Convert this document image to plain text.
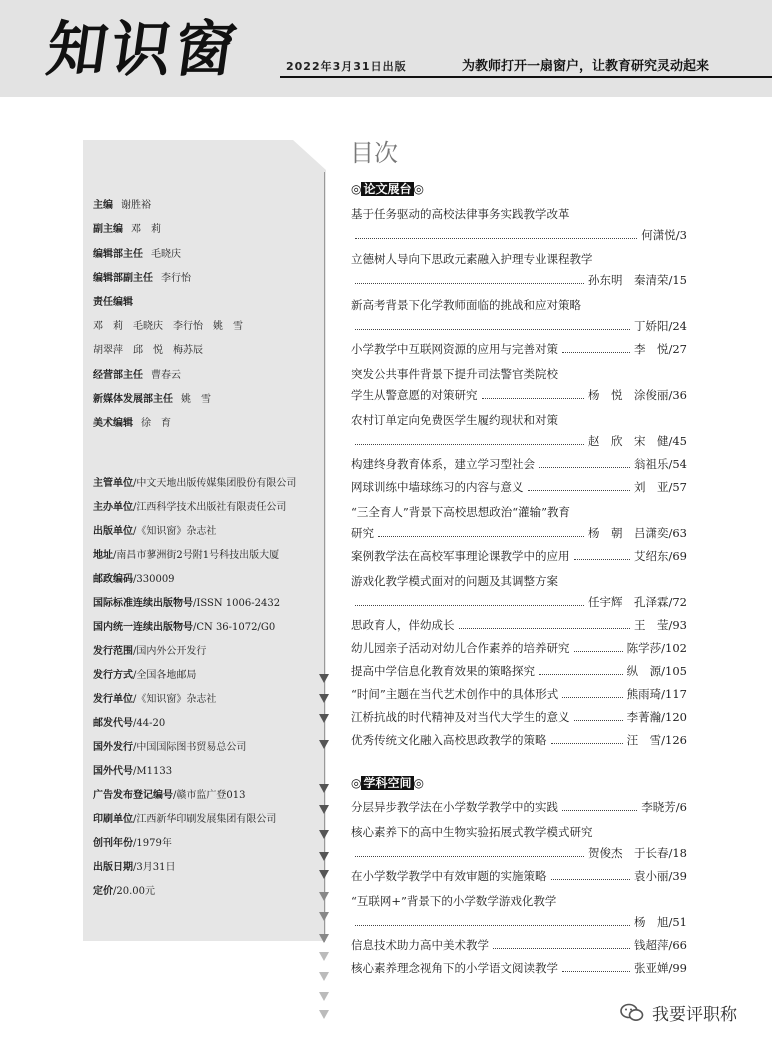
知识窗	2022年3月31日出版	为教师打开一扇窗户，让教育研究灵动起来
主编 谢胜裕
副主编 邓　莉
编辑部主任 毛晓庆
编辑部副主任 李行怡
责任编辑
邓　莉　毛晓庆　李行怡　姚　雪
胡翠萍　邱　悦　梅苏辰
经营部主任 曹春云
新媒体发展部主任 姚　雪
美术编辑 徐　育
主管单位/中文天地出版传媒集团股份有限公司
主办单位/江西科学技术出版社有限责任公司
出版单位/《知识窗》杂志社
地址/南昌市蓼洲街2号附1号科技出版大厦
邮政编码/330009
国际标准连续出版物号/ISSN 1006-2432
国内统一连续出版物号/CN 36-1072/G0
发行范围/国内外公开发行
发行方式/全国各地邮局
发行单位/《知识窗》杂志社
邮发代号/44-20
国外发行/中国国际图书贸易总公司
国外代号/M1133
广告发布登记编号/赣市监广登013
印刷单位/江西新华印刷发展集团有限公司
创刊年份/1979年
出版日期/3月31日
定价/20.00元
目次
◎ 论文展台 ◎
基于任务驱动的高校法律事务实践教学改革
何潇悦/3
立德树人导向下思政元素融入护理专业课程教学
孙东明　秦清荣/15
新高考背景下化学教师面临的挑战和应对策略
丁娇阳/24
小学教学中互联网资源的应用与完善对策	李　悦/27
突发公共事件背景下提升司法警官类院校
学生从警意愿的对策研究	杨　悦　涂俊丽/36
农村订单定向免费医学生履约现状和对策
赵　欣　宋　健/45
构建终身教育体系，建立学习型社会	翁祖乐/54
网球训练中墙球练习的内容与意义	刘　亚/57
“三全育人”背景下高校思想政治“灌输”教育
研究	杨　朝　吕潇奕/63
案例教学法在高校军事理论课教学中的应用	艾绍东/69
游戏化教学模式面对的问题及其调整方案
任宇辉　孔泽霖/72
思政育人，伴幼成长	王　莹/93
幼儿园亲子活动对幼儿合作素养的培养研究	陈学莎/102
提高中学信息化教育效果的策略探究	纵　源/105
“时间”主题在当代艺术创作中的具体形式	熊雨琦/117
江桥抗战的时代精神及对当代大学生的意义	李菁瀚/120
优秀传统文化融入高校思政教学的策略	汪　雪/126
◎ 学科空间 ◎
分层异步教学法在小学数学教学中的实践	李晓芳/6
核心素养下的高中生物实验拓展式教学模式研究
贺俊杰　于长春/18
在小学数学教学中有效审题的实施策略	袁小丽/39
“互联网+”背景下的小学数学游戏化教学
杨　旭/51
信息技术助力高中美术教学	钱超萍/66
核心素养理念视角下的小学语文阅读教学	张亚婵/99
我要评职称
